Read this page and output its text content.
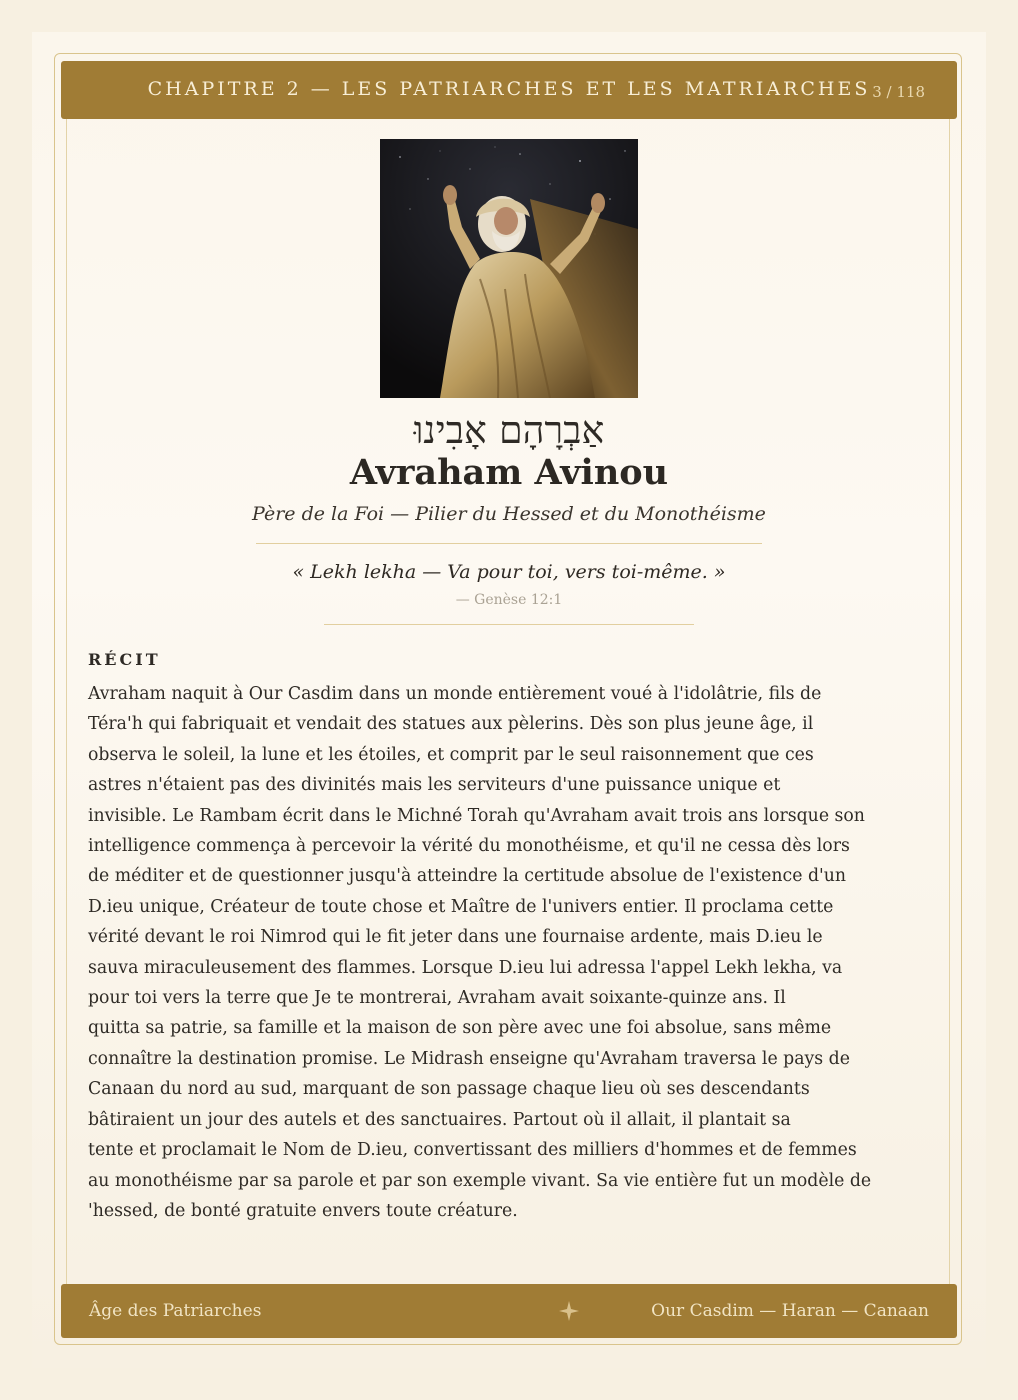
CHAPITRE 2 — LES PATRIARCHES ET LES MATRIARCHES 3 / 118
אַבְרָהָם אָבִינוּ
Avraham Avinou
Père de la Foi — Pilier du Hessed et du Monothéisme
« Lekh lekha — Va pour toi, vers toi-même. »
— Genèse 12:1
RÉCIT

Avraham naquit à Our Casdim dans un monde entièrement voué à l'idolâtrie, fils de
Téra'h qui fabriquait et vendait des statues aux pèlerins. Dès son plus jeune âge, il
observa le soleil, la lune et les étoiles, et comprit par le seul raisonnement que ces
astres n'étaient pas des divinités mais les serviteurs d'une puissance unique et
invisible. Le Rambam écrit dans le Michné Torah qu'Avraham avait trois ans lorsque son
intelligence commença à percevoir la vérité du monothéisme, et qu'il ne cessa dès lors
de méditer et de questionner jusqu'à atteindre la certitude absolue de l'existence d'un
D.ieu unique, Créateur de toute chose et Maître de l'univers entier. Il proclama cette
vérité devant le roi Nimrod qui le fit jeter dans une fournaise ardente, mais D.ieu le
sauva miraculeusement des flammes. Lorsque D.ieu lui adressa l'appel Lekh lekha, va
pour toi vers la terre que Je te montrerai, Avraham avait soixante-quinze ans. Il
quitta sa patrie, sa famille et la maison de son père avec une foi absolue, sans même
connaître la destination promise. Le Midrash enseigne qu'Avraham traversa le pays de
Canaan du nord au sud, marquant de son passage chaque lieu où ses descendants
bâtiraient un jour des autels et des sanctuaires. Partout où il allait, il plantait sa
tente et proclamait le Nom de D.ieu, convertissant des milliers d'hommes et de femmes
au monothéisme par sa parole et par son exemple vivant. Sa vie entière fut un modèle de
'hessed, de bonté gratuite envers toute créature.

Âge des Patriarches	Our Casdim — Haran — Canaan
